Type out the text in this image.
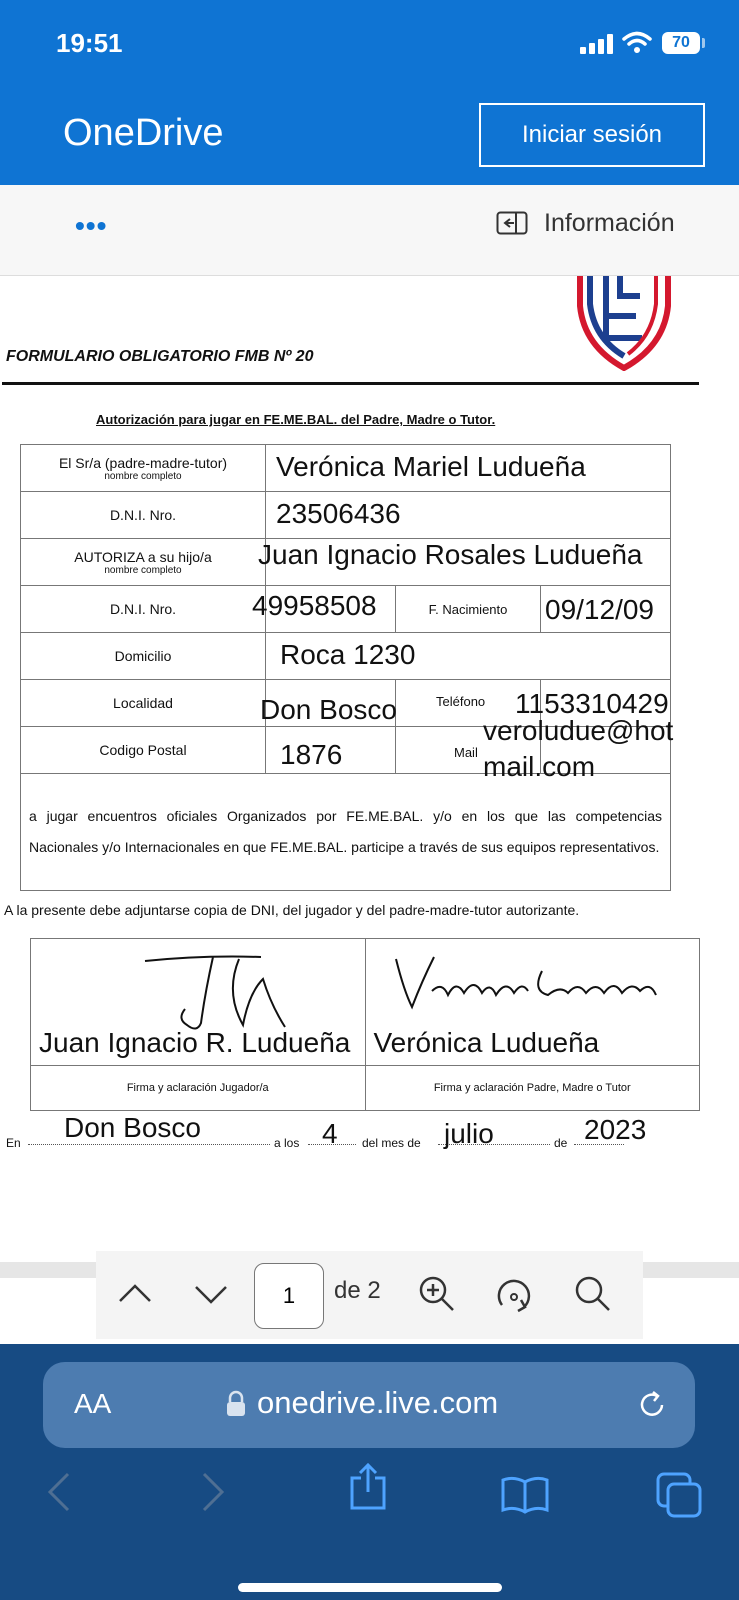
19:51	70
OneDrive	Iniciar sesión
•••	Información
FORMULARIO OBLIGATORIO FMB Nº 20
Autorización para jugar en FE.ME.BAL. del Padre, Madre o Tutor.
El Sr/a (padre-madre-tutor)
nombre completo	Verónica Mariel Ludueña		

D.N.I. Nro.	23506436		

AUTORIZA a su hijo/a
nombre completo	Juan Ignacio Rosales Ludueña		

D.N.I. Nro.	49958508	F. Nacimiento	09/12/09

Domicilio	Roca 1230		

Localidad	Don Bosco	Teléfono	1153310429

Codigo Postal	1876	Mail	veroludue@hot
mail.com

a jugar encuentros oficiales Organizados por FE.ME.BAL. y/o en los que las competencias Nacionales y/o Internacionales en que FE.ME.BAL. participe a través de sus equipos representativos.			
A la presente debe adjuntarse copia de DNI, del jugador y del padre-madre-tutor autorizante.
Juan Ignacio R. Ludueña	Verónica Ludueña

Firma y aclaración Jugador/a	Firma y aclaración Padre, Madre o Tutor
En Don Bosco	a los 4 del mes de julio	de 2023
1
de 2
AA	onedrive.live.com
